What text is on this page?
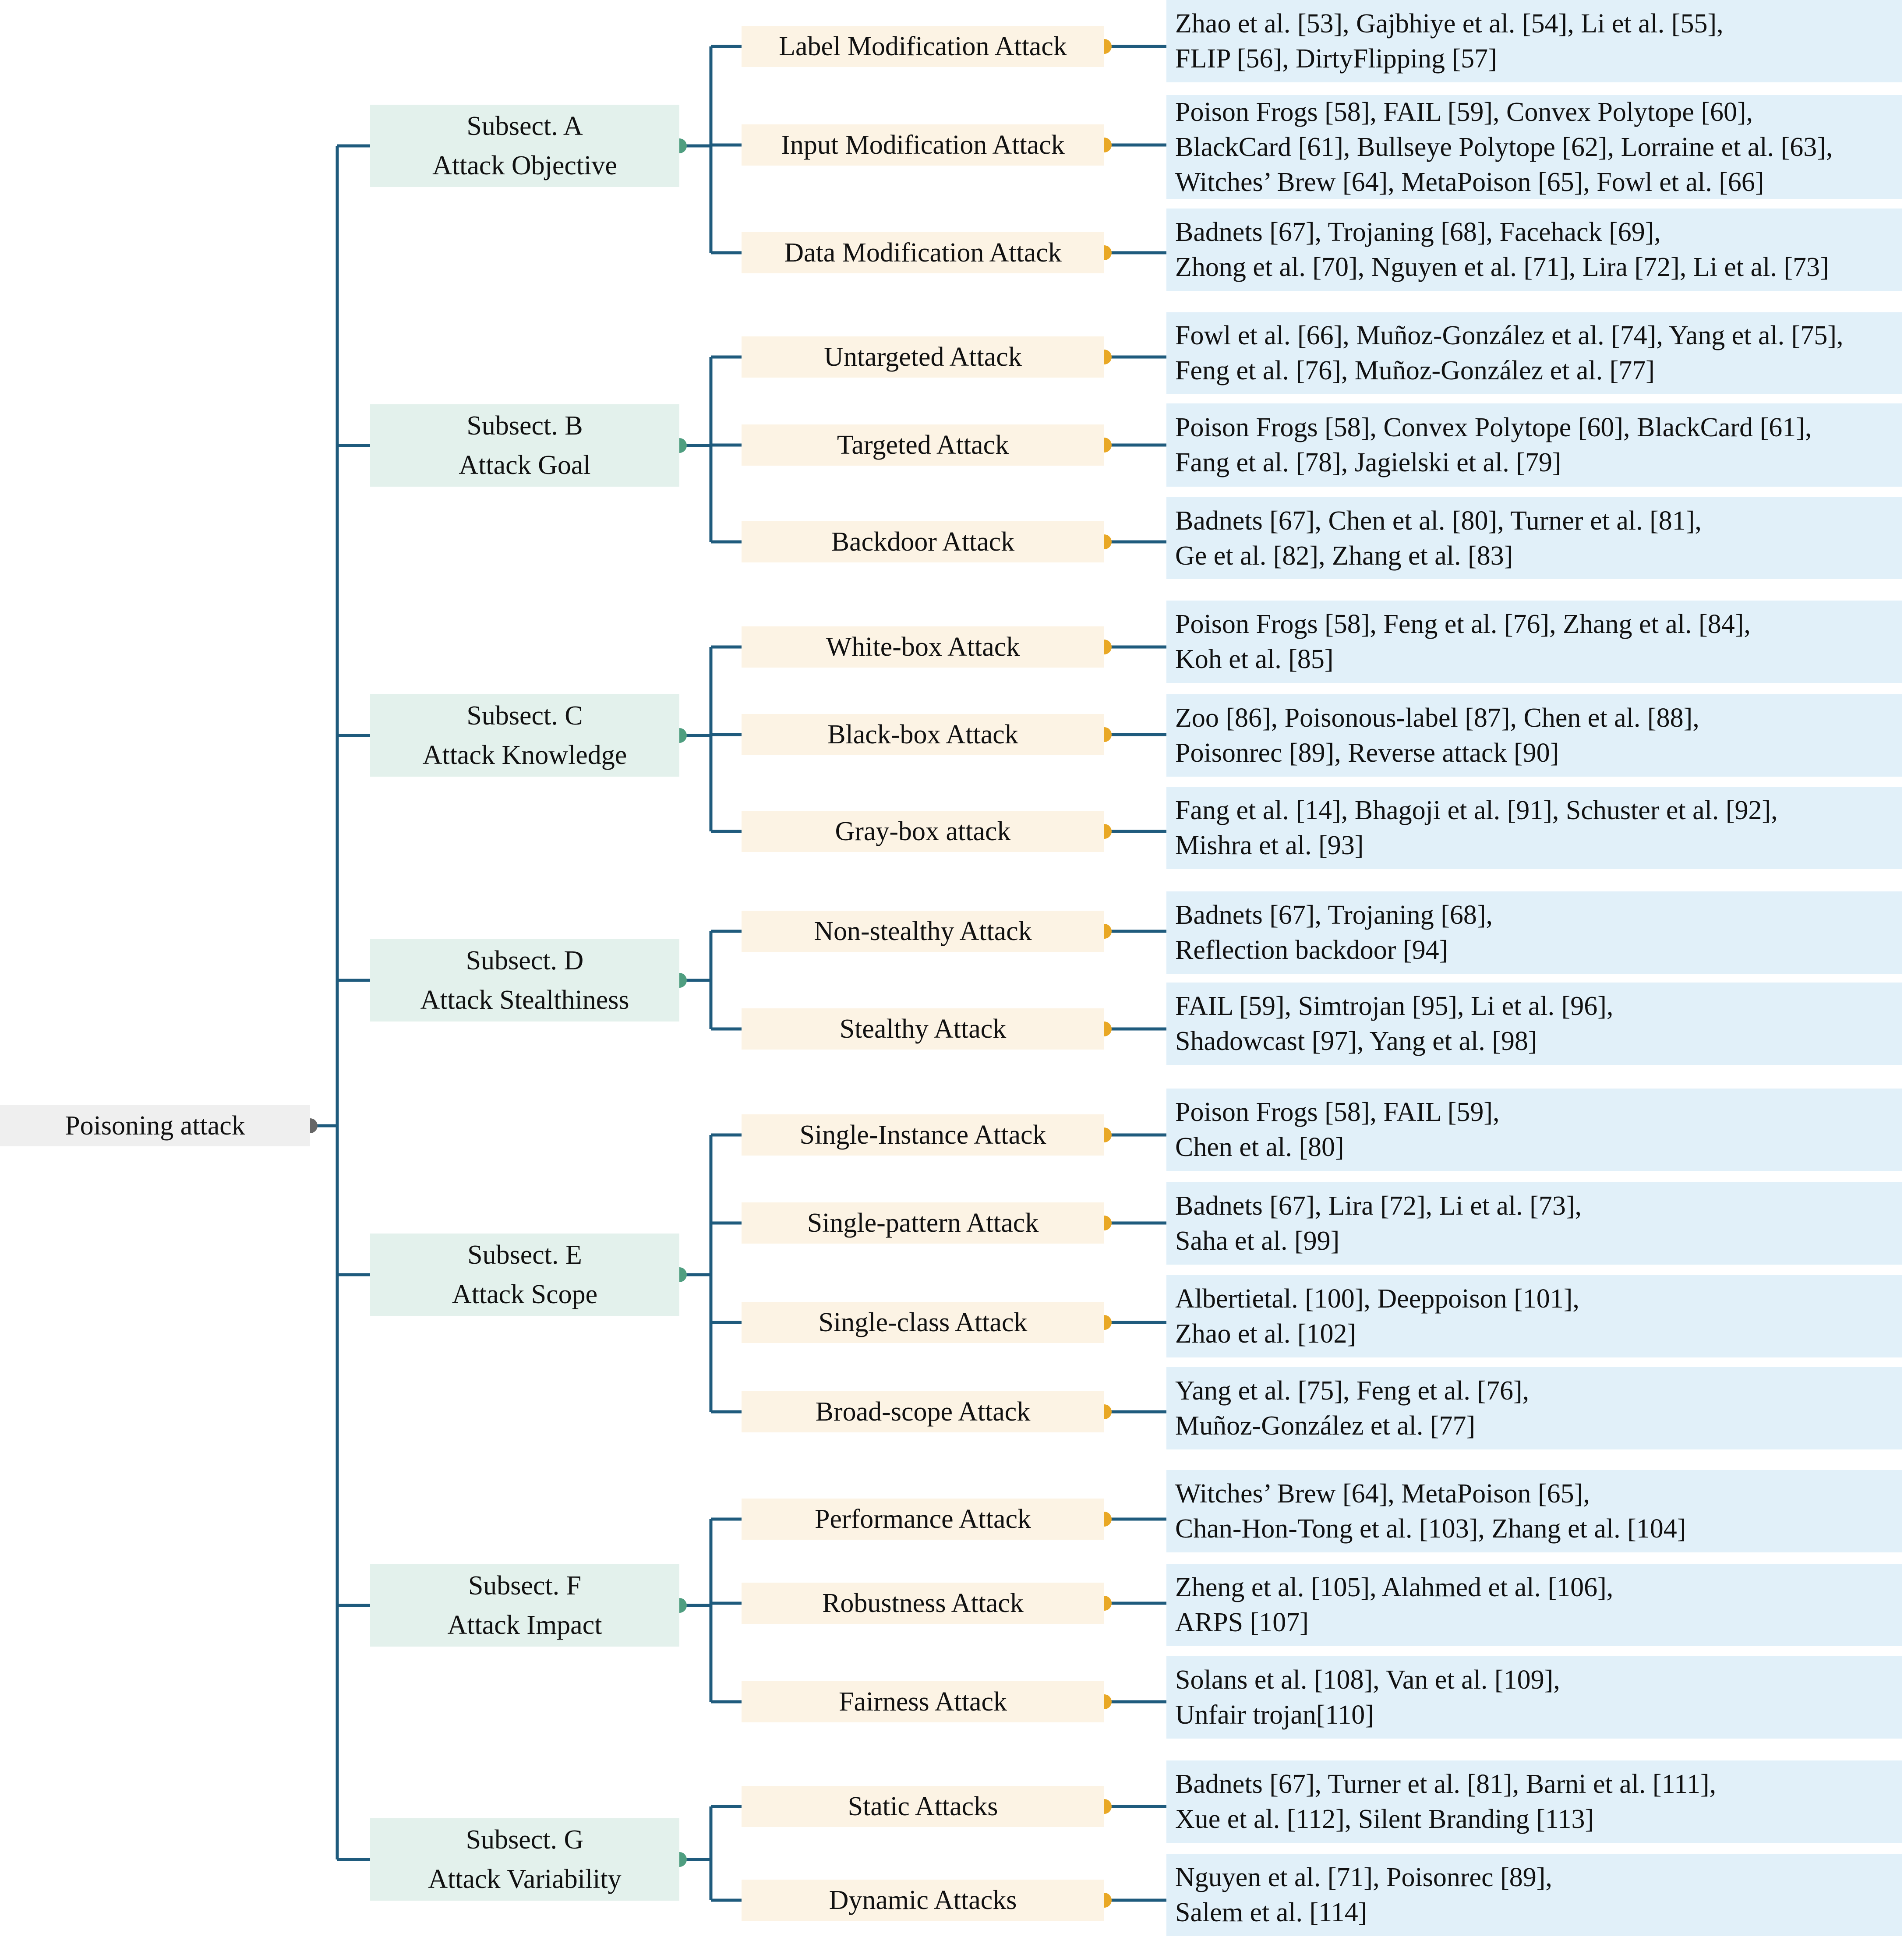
Poisoning attack
Subsect. A
Attack Objective
Label Modification Attack
Zhao et al. [53], Gajbhiye et al. [54], Li et al. [55],
FLIP [56], DirtyFlipping [57]
Input Modification Attack
Poison Frogs [58], FAIL [59], Convex Polytope [60],
BlackCard [61], Bullseye Polytope [62], Lorraine et al. [63],
Witches’ Brew [64], MetaPoison [65], Fowl et al. [66]
Data Modification Attack
Badnets [67], Trojaning [68], Facehack [69],
Zhong et al. [70], Nguyen et al. [71], Lira [72], Li et al. [73]
Subsect. B
Attack Goal
Untargeted Attack
Fowl et al. [66], Muñoz-González et al. [74], Yang et al. [75],
Feng et al. [76], Muñoz-González et al. [77]
Targeted Attack
Poison Frogs [58], Convex Polytope [60], BlackCard [61],
Fang et al. [78], Jagielski et al. [79]
Backdoor Attack
Badnets [67], Chen et al. [80], Turner et al. [81],
Ge et al. [82], Zhang et al. [83]
Subsect. C
Attack Knowledge
White-box Attack
Poison Frogs [58], Feng et al. [76], Zhang et al. [84],
Koh et al. [85]
Black-box Attack
Zoo [86], Poisonous-label [87], Chen et al. [88],
Poisonrec [89], Reverse attack [90]
Gray-box attack
Fang et al. [14], Bhagoji et al. [91], Schuster et al. [92],
Mishra et al. [93]
Subsect. D
Attack Stealthiness
Non-stealthy Attack
Badnets [67], Trojaning [68],
Reflection backdoor [94]
Stealthy Attack
FAIL [59], Simtrojan [95], Li et al. [96],
Shadowcast [97], Yang et al. [98]
Subsect. E
Attack Scope
Single-Instance Attack
Poison Frogs [58], FAIL [59],
Chen et al. [80]
Single-pattern Attack
Badnets [67], Lira [72], Li et al. [73],
Saha et al. [99]
Single-class Attack
Albertietal. [100], Deeppoison [101],
Zhao et al. [102]
Broad-scope Attack
Yang et al. [75], Feng et al. [76],
Muñoz-González et al. [77]
Subsect. F
Attack Impact
Performance Attack
Witches’ Brew [64], MetaPoison [65],
Chan-Hon-Tong et al. [103], Zhang et al. [104]
Robustness Attack
Zheng et al. [105], Alahmed et al. [106],
ARPS [107]
Fairness Attack
Solans et al. [108], Van et al. [109],
Unfair trojan[110]
Subsect. G
Attack Variability
Static Attacks
Badnets [67], Turner et al. [81], Barni et al. [111],
Xue et al. [112], Silent Branding [113]
Dynamic Attacks
Nguyen et al. [71], Poisonrec [89],
Salem et al. [114]
